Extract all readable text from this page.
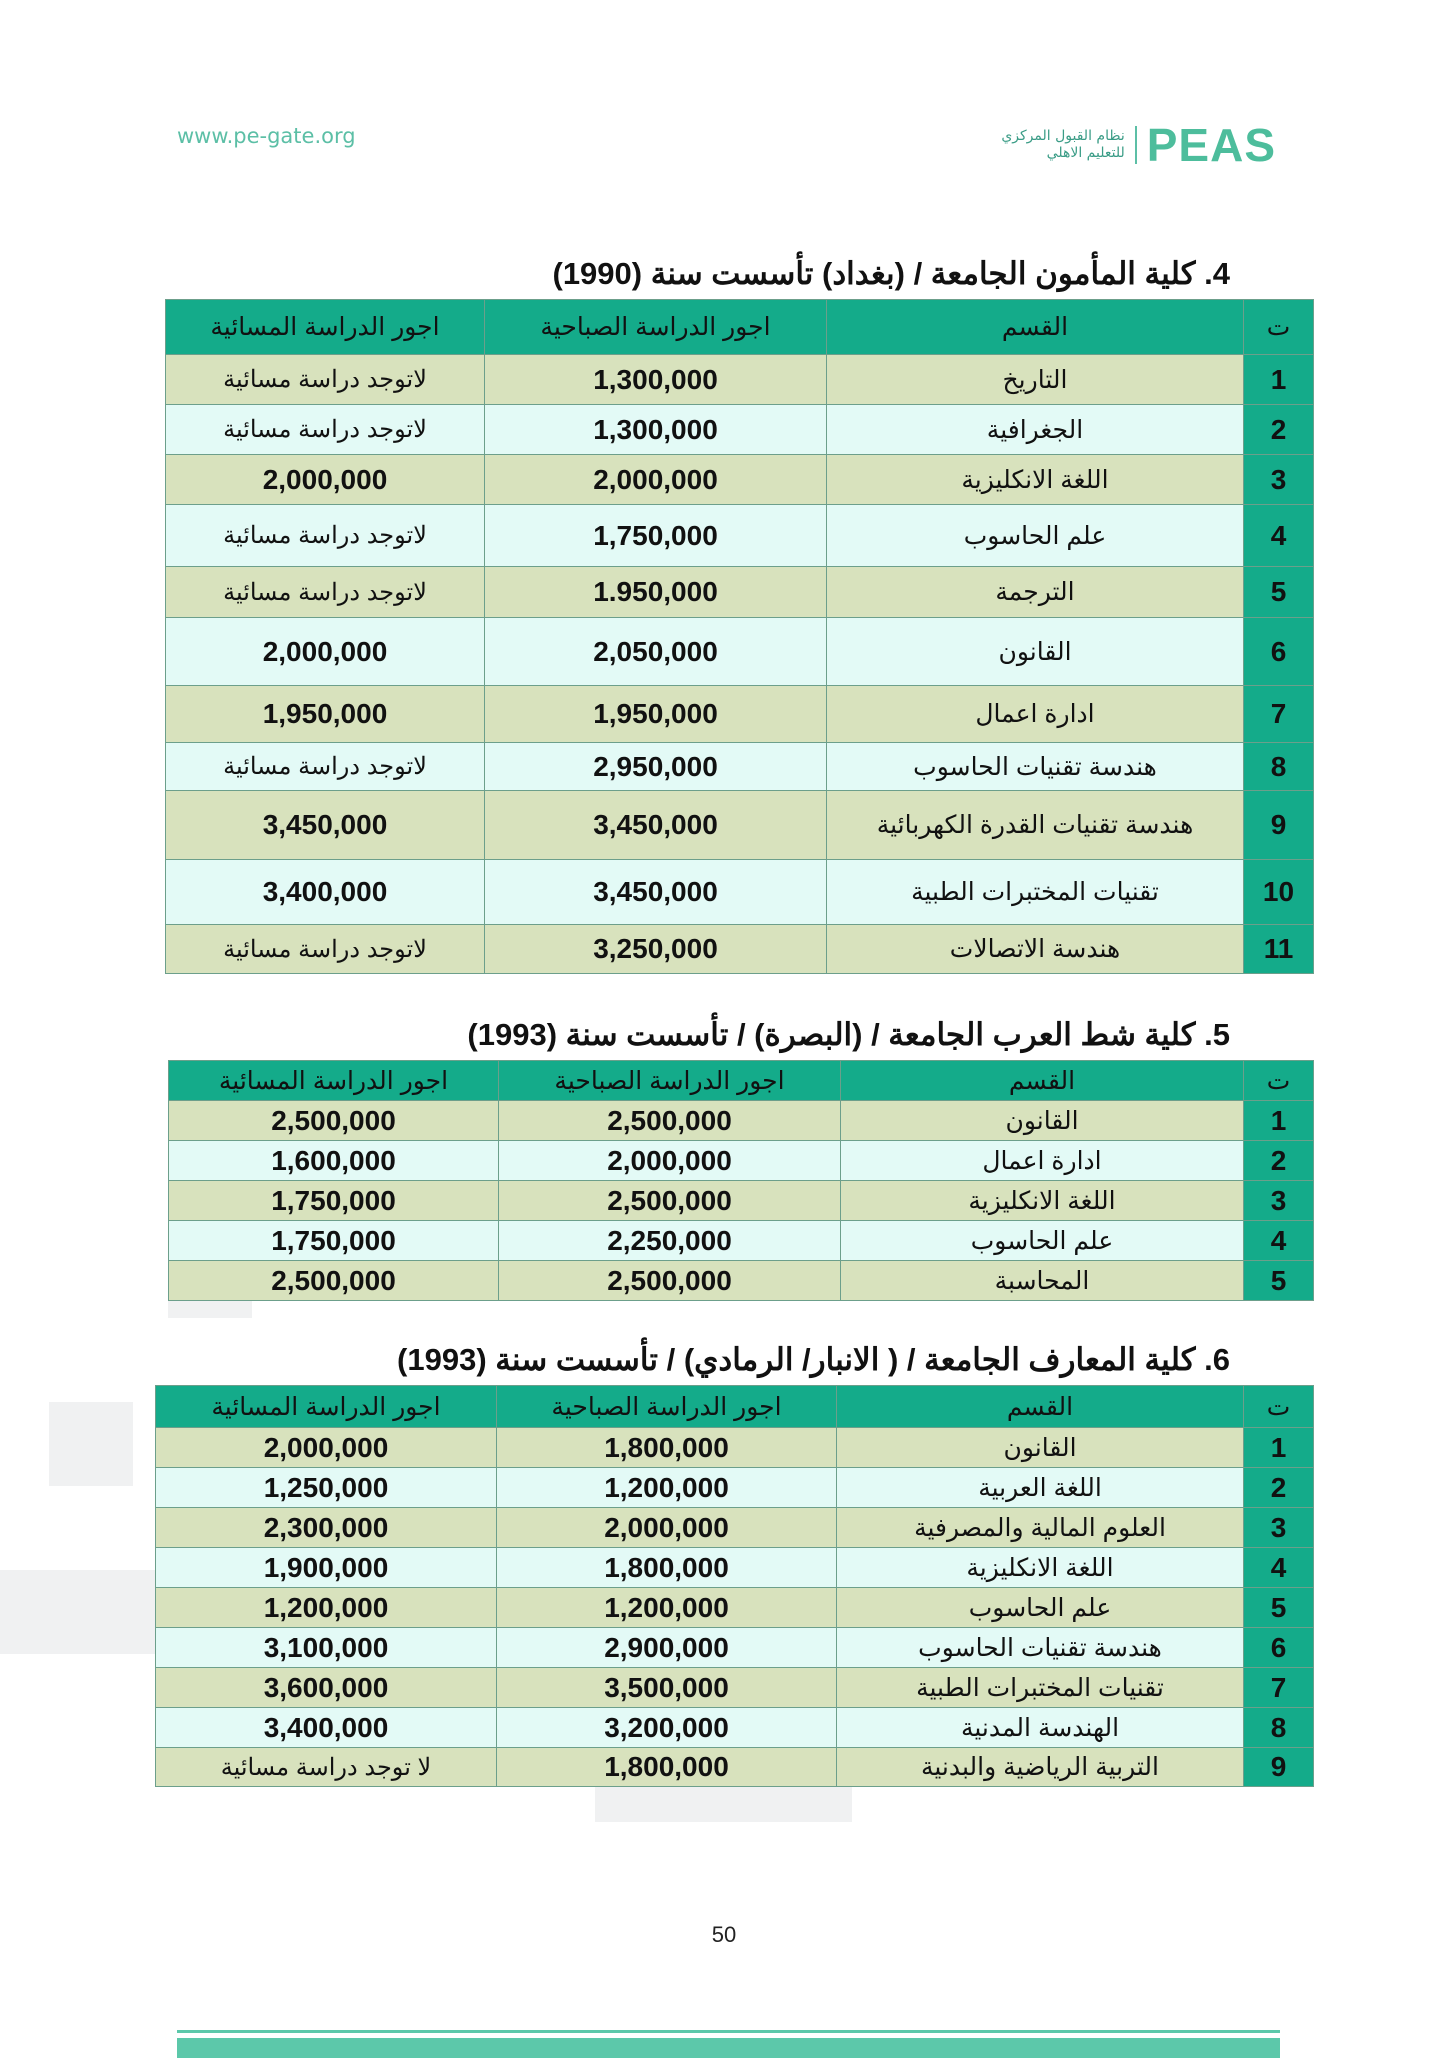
www.pe-gate.org	نظام القبول المركزي
للتعليم الاهلي PEAS
4. كلية المأمون الجامعة / (بغداد) تأسست سنة (1990)
ت	القسم	اجور الدراسة الصباحية	اجور الدراسة المسائية
1	التاريخ	1,300,000	لاتوجد دراسة مسائية
2	الجغرافية	1,300,000	لاتوجد دراسة مسائية
3	اللغة الانكليزية	2,000,000	2,000,000
4	علم الحاسوب	1,750,000	لاتوجد دراسة مسائية
5	الترجمة	1.950,000	لاتوجد دراسة مسائية
6	القانون	2,050,000	2,000,000
7	ادارة اعمال	1,950,000	1,950,000
8	هندسة تقنيات الحاسوب	2,950,000	لاتوجد دراسة مسائية
9	هندسة تقنيات القدرة الكهربائية	3,450,000	3,450,000
10	تقنيات المختبرات الطبية	3,450,000	3,400,000
11	هندسة الاتصالات	3,250,000	لاتوجد دراسة مسائية
5. كلية شط العرب الجامعة / (البصرة) / تأسست سنة (1993)
ت	القسم	اجور الدراسة الصباحية	اجور الدراسة المسائية
1	القانون	2,500,000	2,500,000
2	ادارة اعمال	2,000,000	1,600,000
3	اللغة الانكليزية	2,500,000	1,750,000
4	علم الحاسوب	2,250,000	1,750,000
5	المحاسبة	2,500,000	2,500,000
6. كلية المعارف الجامعة / ( الانبار/ الرمادي) / تأسست سنة (1993)
ت	القسم	اجور الدراسة الصباحية	اجور الدراسة المسائية
1	القانون	1,800,000	2,000,000
2	اللغة العربية	1,200,000	1,250,000
3	العلوم المالية والمصرفية	2,000,000	2,300,000
4	اللغة الانكليزية	1,800,000	1,900,000
5	علم الحاسوب	1,200,000	1,200,000
6	هندسة تقنيات الحاسوب	2,900,000	3,100,000
7	تقنيات المختبرات الطبية	3,500,000	3,600,000
8	الهندسة المدنية	3,200,000	3,400,000
9	التربية الرياضية والبدنية	1,800,000	لا توجد دراسة مسائية
50
